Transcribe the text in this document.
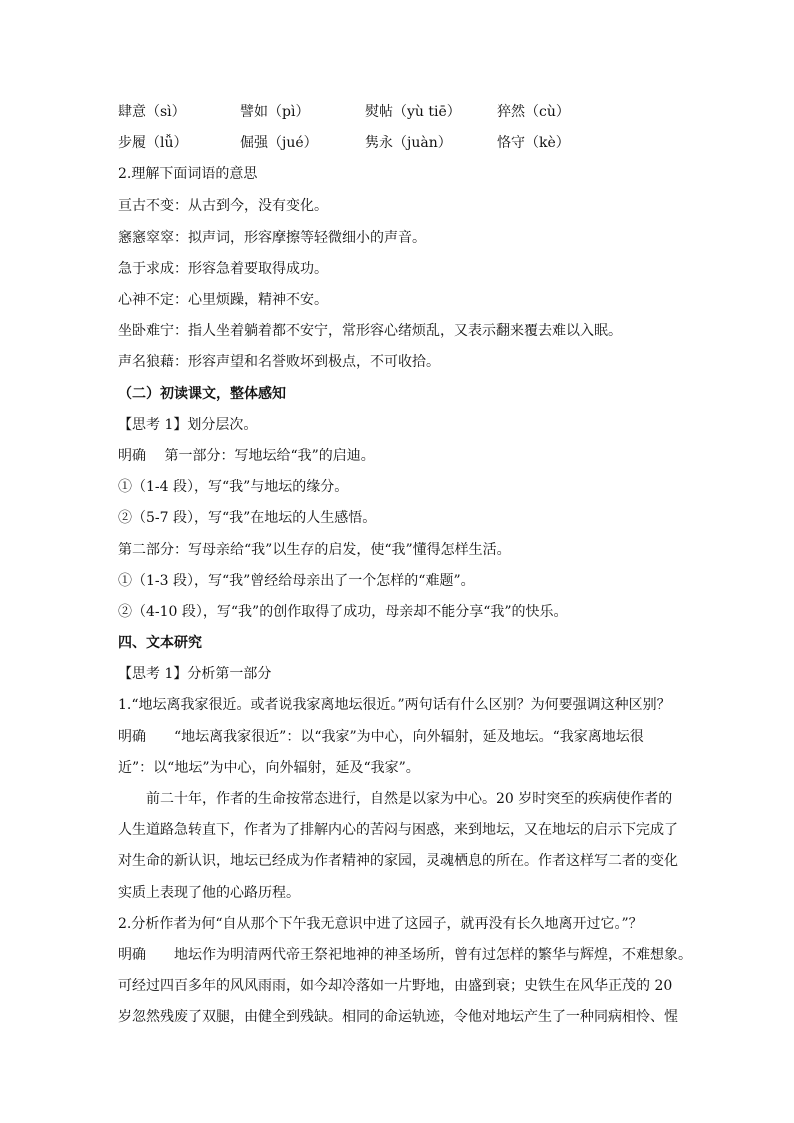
肆意（sì）	譬如（pì）	熨帖（yù tiē）	猝然（cù）
步履（lǚ）	倔强（jué）	隽永（juàn）	恪守（kè）
2.理解下面词语的意思
亘古不变：从古到今，没有变化。
窸窸窣窣：拟声词，形容摩擦等轻微细小的声音。
急于求成：形容急着要取得成功。
心神不定：心里烦躁，精神不安。
坐卧难宁：指人坐着躺着都不安宁，常形容心绪烦乱，又表示翻来覆去难以入眠。
声名狼藉：形容声望和名誉败坏到极点，不可收拾。
（二）初读课文，整体感知
【思考 1】划分层次。
明确　 第一部分：写地坛给“我”的启迪。
①（1-4 段），写“我”与地坛的缘分。
②（5-7 段），写“我”在地坛的人生感悟。
第二部分：写母亲给“我”以生存的启发，使“我”懂得怎样生活。
①（1-3 段），写“我”曾经给母亲出了一个怎样的“难题”。
②（4-10 段），写“我”的创作取得了成功，母亲却不能分享“我”的快乐。
四、文本研究
【思考 1】分析第一部分
1.“地坛离我家很近。或者说我家离地坛很近。”两句话有什么区别？为何要强调这种区别？
明确　　“地坛离我家很近”：以“我家”为中心，向外辐射，延及地坛。“我家离地坛很
近”：以“地坛”为中心，向外辐射，延及“我家”。
　　前二十年，作者的生命按常态进行，自然是以家为中心。20 岁时突至的疾病使作者的
人生道路急转直下，作者为了排解内心的苦闷与困惑，来到地坛，又在地坛的启示下完成了
对生命的新认识，地坛已经成为作者精神的家园，灵魂栖息的所在。作者这样写二者的变化
实质上表现了他的心路历程。
2.分析作者为何“自从那个下午我无意识中进了这园子，就再没有长久地离开过它。”？
明确　　地坛作为明清两代帝王祭祀地神的神圣场所，曾有过怎样的繁华与辉煌，不难想象。
可经过四百多年的风风雨雨，如今却冷落如一片野地，由盛到衰；史铁生在风华正茂的 20
岁忽然残废了双腿，由健全到残缺。相同的命运轨迹，令他对地坛产生了一种同病相怜、惺
